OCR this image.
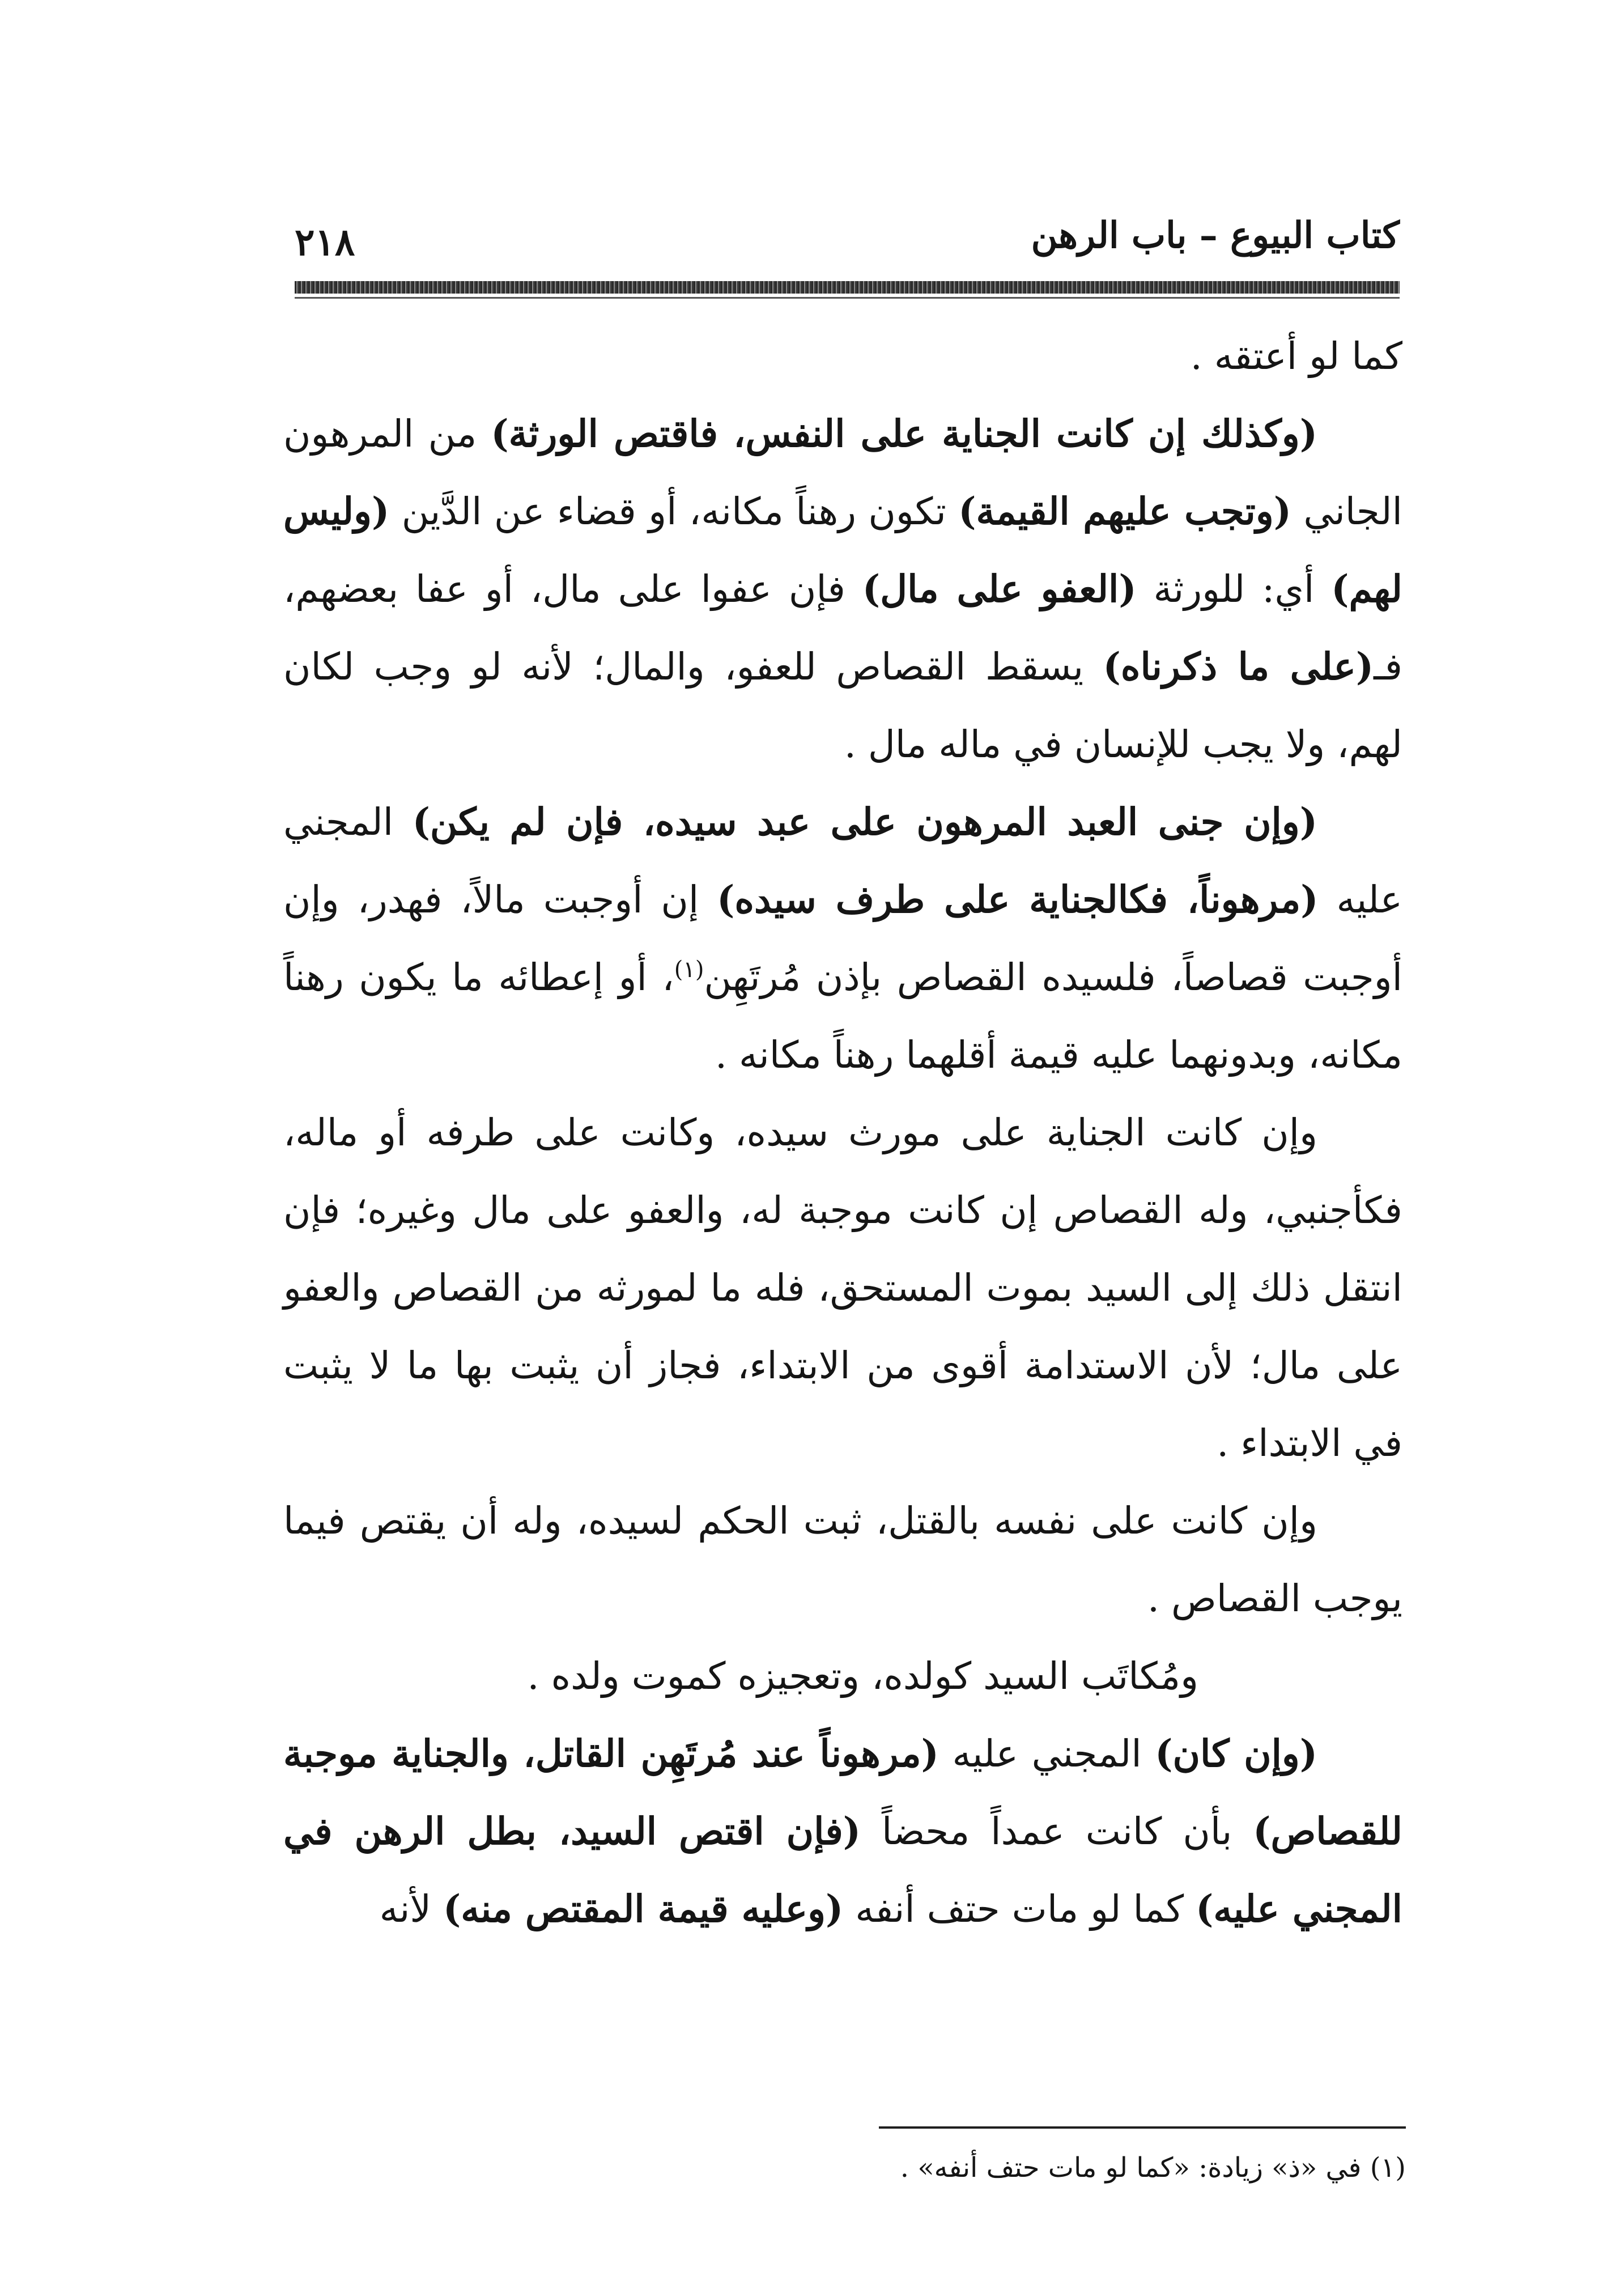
٢١٨	كتاب البيوع – باب الرهن

كما لو أعتقه .

(وكذلك إن كانت الجناية على النفس، فاقتص الورثة) من المرهون الجاني (وتجب عليهم القيمة) تكون رهناً مكانه، أو قضاء عن الدَّين (وليس لهم) أي: للورثة (العفو على مال) فإن عفوا على مال، أو عفا بعضهم، فـ(على ما ذكرناه) يسقط القصاص للعفو، والمال؛ لأنه لو وجب لكان لهم، ولا يجب للإنسان في ماله مال .

(وإن جنى العبد المرهون على عبد سيده، فإن لم يكن) المجني عليه (مرهوناً، فكالجناية على طرف سيده) إن أوجبت مالاً، فهدر، وإن أوجبت قصاصاً، فلسيده القصاص بإذن مُرتَهِن$^{(١)}$، أو إعطائه ما يكون رهناً مكانه، وبدونهما عليه قيمة أقلهما رهناً مكانه .

وإن كانت الجناية على مورث سيده، وكانت على طرفه أو ماله، فكأجنبي، وله القصاص إن كانت موجبة له، والعفو على مال وغيره؛ فإن انتقل ذلك إلى السيد بموت المستحق، فله ما لمورثه من القصاص والعفو على مال؛ لأن الاستدامة أقوى من الابتداء، فجاز أن يثبت بها ما لا يثبت في الابتداء .

وإن كانت على نفسه بالقتل، ثبت الحكم لسيده، وله أن يقتص فيما يوجب القصاص .

ومُكاتَب السيد كولده، وتعجيزه كموت ولده .

(وإن كان) المجني عليه (مرهوناً عند مُرتَهِن القاتل، والجناية موجبة للقصاص) بأن كانت عمداً محضاً (فإن اقتص السيد، بطل الرهن في المجني عليه) كما لو مات حتف أنفه (وعليه قيمة المقتص منه) لأنه

(١) في «ذ» زيادة: «كما لو مات حتف أنفه» .
